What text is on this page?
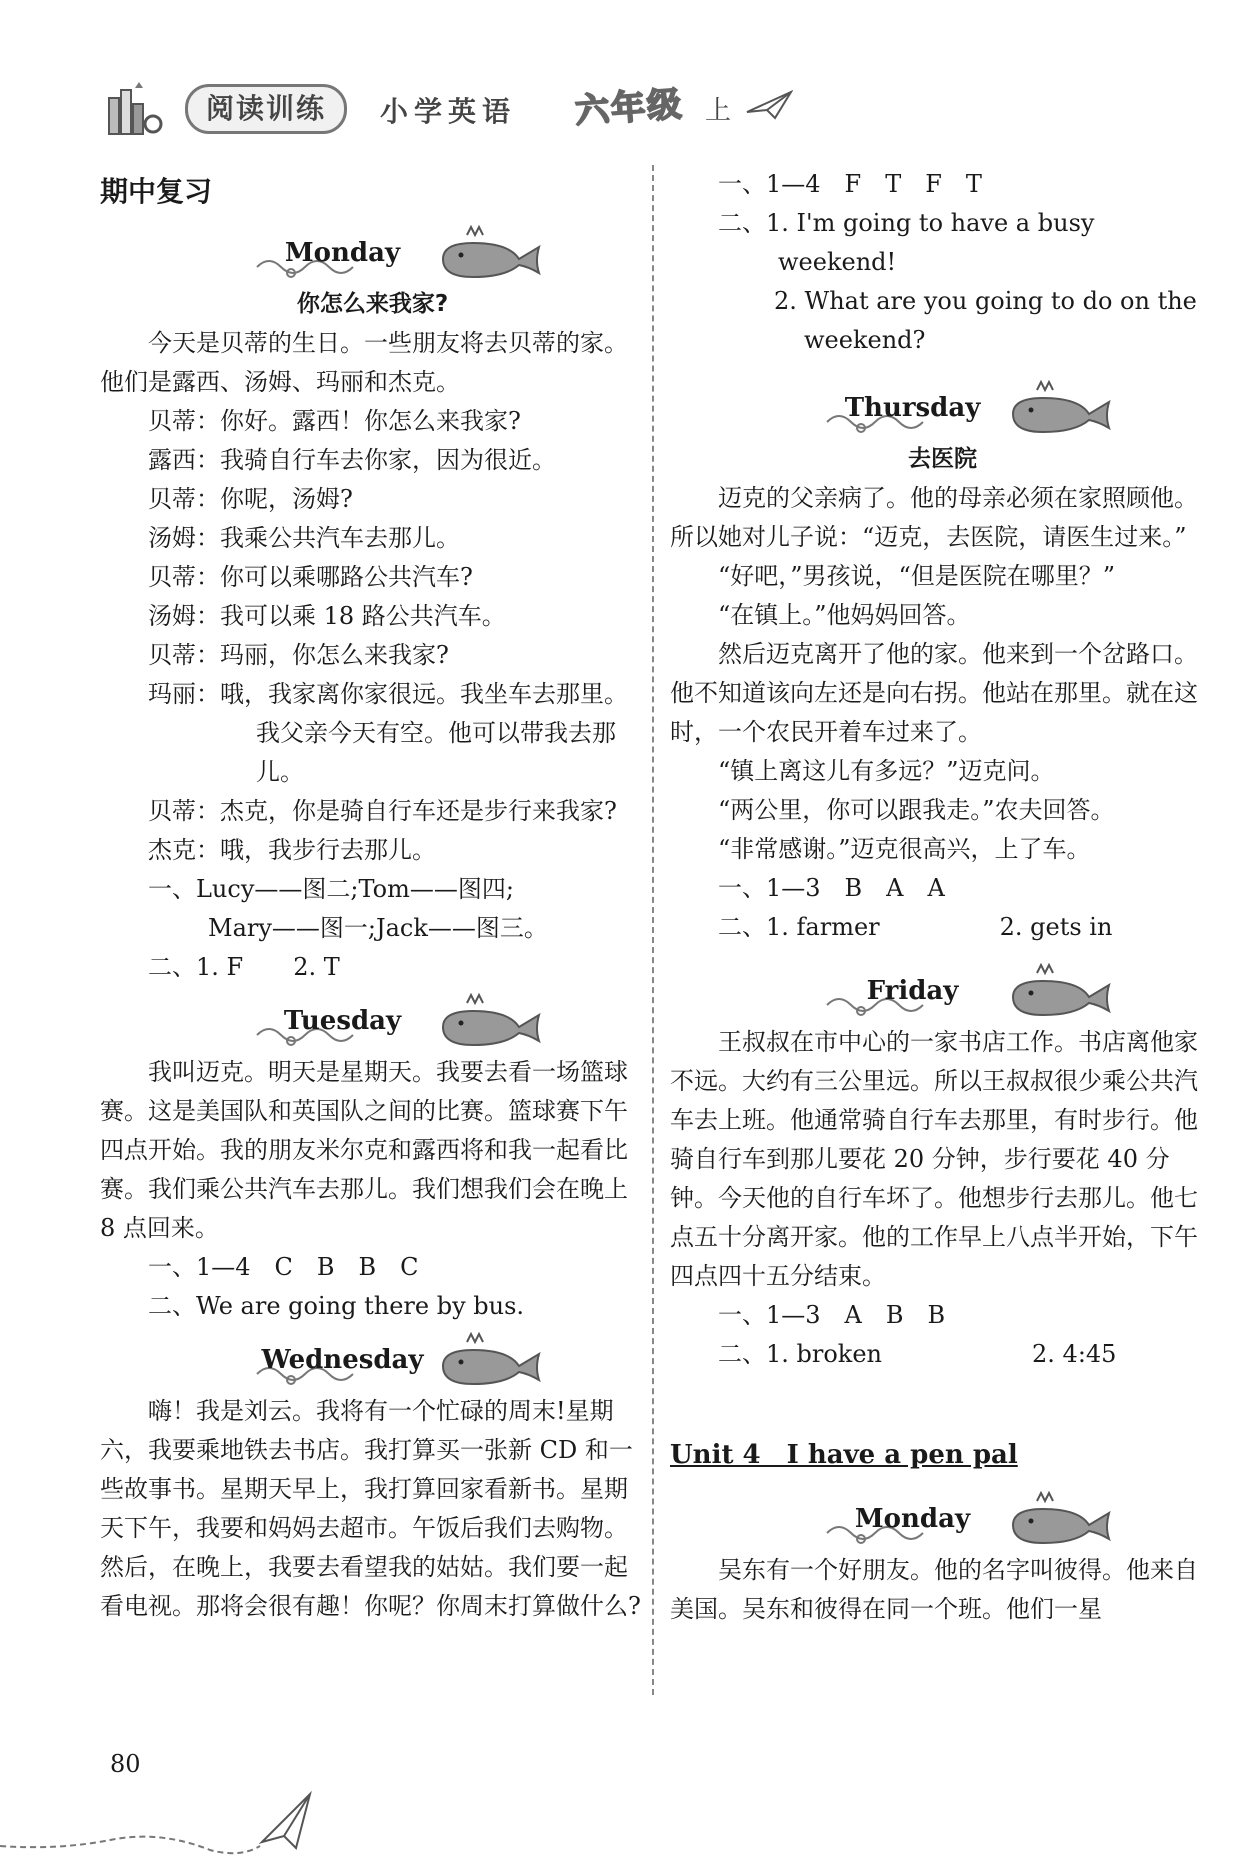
阅读训练	小学英语 六年级 上
期中复习
Monday
你怎么来我家?

今天是贝蒂的生日。一些朋友将去贝蒂的家。他们是露西、汤姆、玛丽和杰克。

贝蒂：你好。露西！你怎么来我家?

露西：我骑自行车去你家，因为很近。

贝蒂：你呢，汤姆?

汤姆：我乘公共汽车去那儿。

贝蒂：你可以乘哪路公共汽车?

汤姆：我可以乘 18 路公共汽车。

贝蒂：玛丽，你怎么来我家?

玛丽：哦，我家离你家很远。我坐车去那里。我父亲今天有空。他可以带我去那儿。

贝蒂：杰克，你是骑自行车还是步行来我家?

杰克：哦，我步行去那儿。

一、Lucy——图二;Tom——图四;

Mary——图一;Jack——图三。

二、1. F 2. T

Tuesday

我叫迈克。明天是星期天。我要去看一场篮球赛。这是美国队和英国队之间的比赛。篮球赛下午四点开始。我的朋友米尔克和露西将和我一起看比赛。我们乘公共汽车去那儿。我们想我们会在晚上 8 点回来。

一、1—4　C　B　B　C

二、We are going there by bus.

Wednesday

嗨！我是刘云。我将有一个忙碌的周末!星期六，我要乘地铁去书店。我打算买一张新 CD 和一些故事书。星期天早上，我打算回家看新书。星期天下午，我要和妈妈去超市。午饭后我们去购物。然后，在晚上，我要去看望我的姑姑。我们要一起看电视。那将会很有趣！你呢？你周末打算做什么?

一、1—4　F　T　F　T

二、1. I'm going to have a busy weekend!

2. What are you going to do on the weekend?

Thursday
去医院

迈克的父亲病了。他的母亲必须在家照顾他。所以她对儿子说：“迈克，去医院，请医生过来。”

“好吧，”男孩说，“但是医院在哪里？”

“在镇上。”他妈妈回答。

然后迈克离开了他的家。他来到一个岔路口。他不知道该向左还是向右拐。他站在那里。就在这时，一个农民开着车过来了。

“镇上离这儿有多远？”迈克问。

“两公里，你可以跟我走。”农夫回答。

“非常感谢。”迈克很高兴，上了车。

一、1—3　B　A　A

二、1. farmer	2. gets in

Friday

王叔叔在市中心的一家书店工作。书店离他家不远。大约有三公里远。所以王叔叔很少乘公共汽车去上班。他通常骑自行车去那里，有时步行。他骑自行车到那儿要花 20 分钟，步行要花 40 分钟。今天他的自行车坏了。他想步行去那儿。他七点五十分离开家。他的工作早上八点半开始，下午四点四十五分结束。

一、1—3　A　B　B

二、1. broken	2. 4:45

Unit 4　I have a pen pal
Monday

吴东有一个好朋友。他的名字叫彼得。他来自美国。吴东和彼得在同一个班。他们一星

80
